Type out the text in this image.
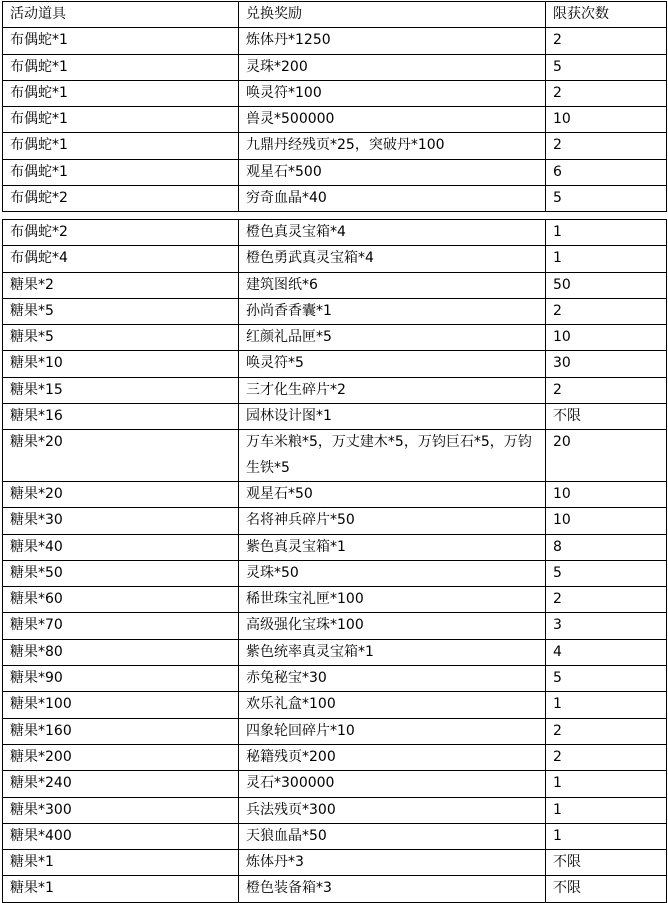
活动道具	兑换奖励	限获次数
布偶蛇*1	炼体丹*1250	2
布偶蛇*1	灵珠*200	5
布偶蛇*1	唤灵符*100	2
布偶蛇*1	兽灵*500000	10
布偶蛇*1	九鼎丹经残页*25，突破丹*100	2
布偶蛇*1	观星石*500	6
布偶蛇*2	穷奇血晶*40	5
布偶蛇*2	橙色真灵宝箱*4	1
布偶蛇*4	橙色勇武真灵宝箱*4	1
糖果*2	建筑图纸*6	50
糖果*5	孙尚香香囊*1	2
糖果*5	红颜礼品匣*5	10
糖果*10	唤灵符*5	30
糖果*15	三才化生碎片*2	2
糖果*16	园林设计图*1	不限
糖果*20	万车米粮*5，万丈建木*5，万钧巨石*5，万钧生铁*5	20
糖果*20	观星石*50	10
糖果*30	名将神兵碎片*50	10
糖果*40	紫色真灵宝箱*1	8
糖果*50	灵珠*50	5
糖果*60	稀世珠宝礼匣*100	2
糖果*70	高级强化宝珠*100	3
糖果*80	紫色统率真灵宝箱*1	4
糖果*90	赤兔秘宝*30	5
糖果*100	欢乐礼盒*100	1
糖果*160	四象轮回碎片*10	2
糖果*200	秘籍残页*200	2
糖果*240	灵石*300000	1
糖果*300	兵法残页*300	1
糖果*400	天狼血晶*50	1
糖果*1	炼体丹*3	不限
糖果*1	橙色装备箱*3	不限
